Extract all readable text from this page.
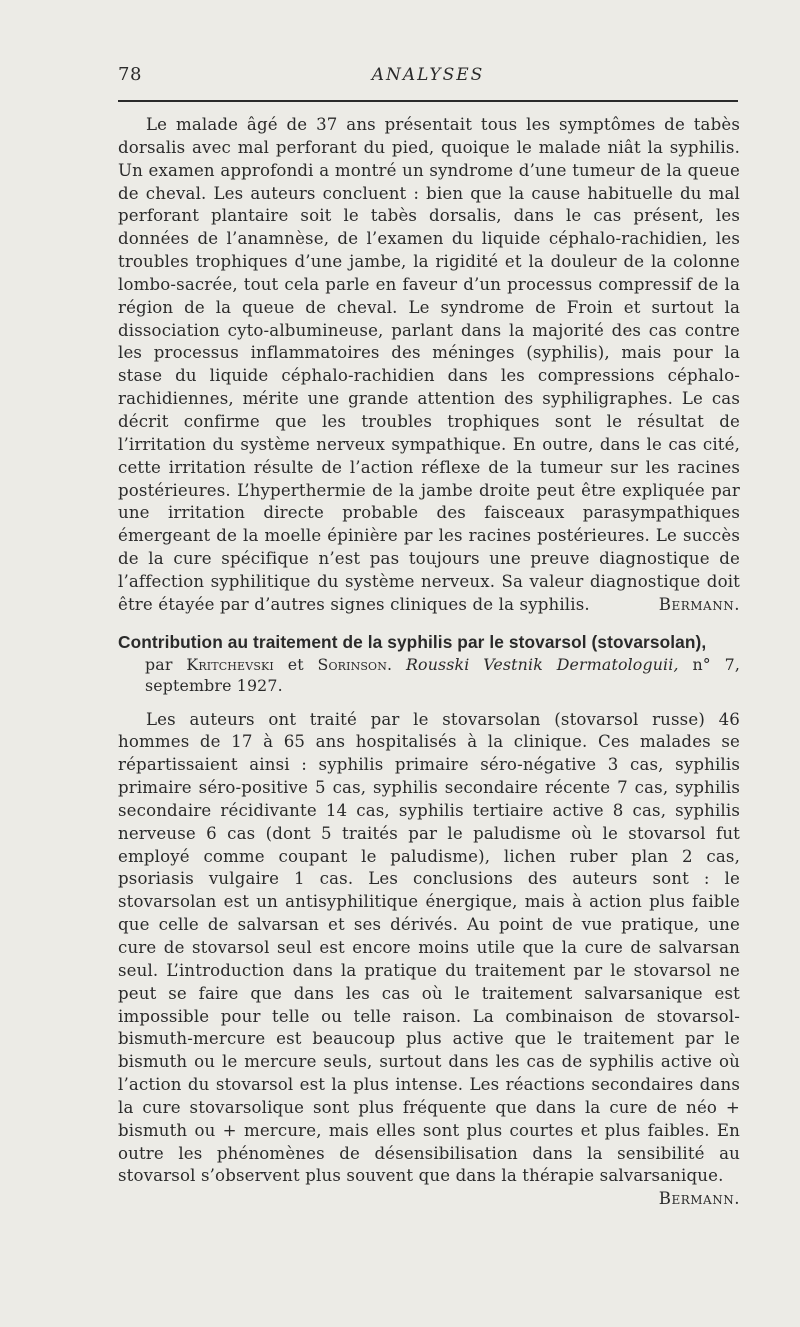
78	ANALYSES

Le malade âgé de 37 ans présentait tous les symptômes de tabès dorsalis avec mal perforant du pied, quoique le malade niât la syphilis. Un examen approfondi a montré un syndrome d’une tumeur de la queue de cheval. Les auteurs concluent : bien que la cause habituelle du mal perforant plantaire soit le tabès dorsalis, dans le cas présent, les données de l’anamnèse, de l’examen du liquide céphalo-rachidien, les troubles trophiques d’une jambe, la rigidité et la douleur de la colonne lombo-sacrée, tout cela parle en faveur d’un processus compressif de la région de la queue de cheval. Le syndrome de Froin et surtout la dissociation cyto-albumineuse, parlant dans la majorité des cas contre les processus inflammatoires des méninges (syphilis), mais pour la stase du liquide céphalo-rachidien dans les compressions céphalo-rachidiennes, mérite une grande attention des syphiligraphes. Le cas décrit confirme que les troubles trophiques sont le résultat de l’irritation du système nerveux sympathique. En outre, dans le cas cité, cette irritation résulte de l’action réflexe de la tumeur sur les racines postérieures. L’hyperthermie de la jambe droite peut être expliquée par une irritation directe probable des faisceaux parasympathiques émergeant de la moelle épinière par les racines postérieures. Le succès de la cure spécifique n’est pas toujours une preuve diagnostique de l’affection syphilitique du système nerveux. Sa valeur diagnostique doit être étayée par d’autres signes cliniques de la syphilis.	Bermann.

Contribution au traitement de la syphilis par le stovarsol (stovarsolan),

par Kritchevski et Sorinson. Rousski Vestnik Dermatologuii, n° 7, septembre 1927.

Les auteurs ont traité par le stovarsolan (stovarsol russe) 46 hommes de 17 à 65 ans hospitalisés à la clinique. Ces malades se répartissaient ainsi : syphilis primaire séro-négative 3 cas, syphilis primaire séro-positive 5 cas, syphilis secondaire récente 7 cas, syphilis secondaire récidivante 14 cas, syphilis tertiaire active 8 cas, syphilis nerveuse 6 cas (dont 5 traités par le paludisme où le stovarsol fut employé comme coupant le paludisme), lichen ruber plan 2 cas, psoriasis vulgaire 1 cas. Les conclusions des auteurs sont : le stovarsolan est un antisyphilitique énergique, mais à action plus faible que celle de salvarsan et ses dérivés. Au point de vue pratique, une cure de stovarsol seul est encore moins utile que la cure de salvarsan seul. L’introduction dans la pratique du traitement par le stovarsol ne peut se faire que dans les cas où le traitement salvarsanique est impossible pour telle ou telle raison. La combinaison de stovarsol-bismuth-mercure est beaucoup plus active que le traitement par le bismuth ou le mercure seuls, surtout dans les cas de syphilis active où l’action du stovarsol est la plus intense. Les réactions secondaires dans la cure stovarsolique sont plus fréquente que dans la cure de néo + bismuth ou + mercure, mais elles sont plus courtes et plus faibles. En outre les phénomènes de désensibilisation dans la sensibilité au stovarsol s’observent plus souvent que dans la thérapie salvarsanique.
Bermann.
